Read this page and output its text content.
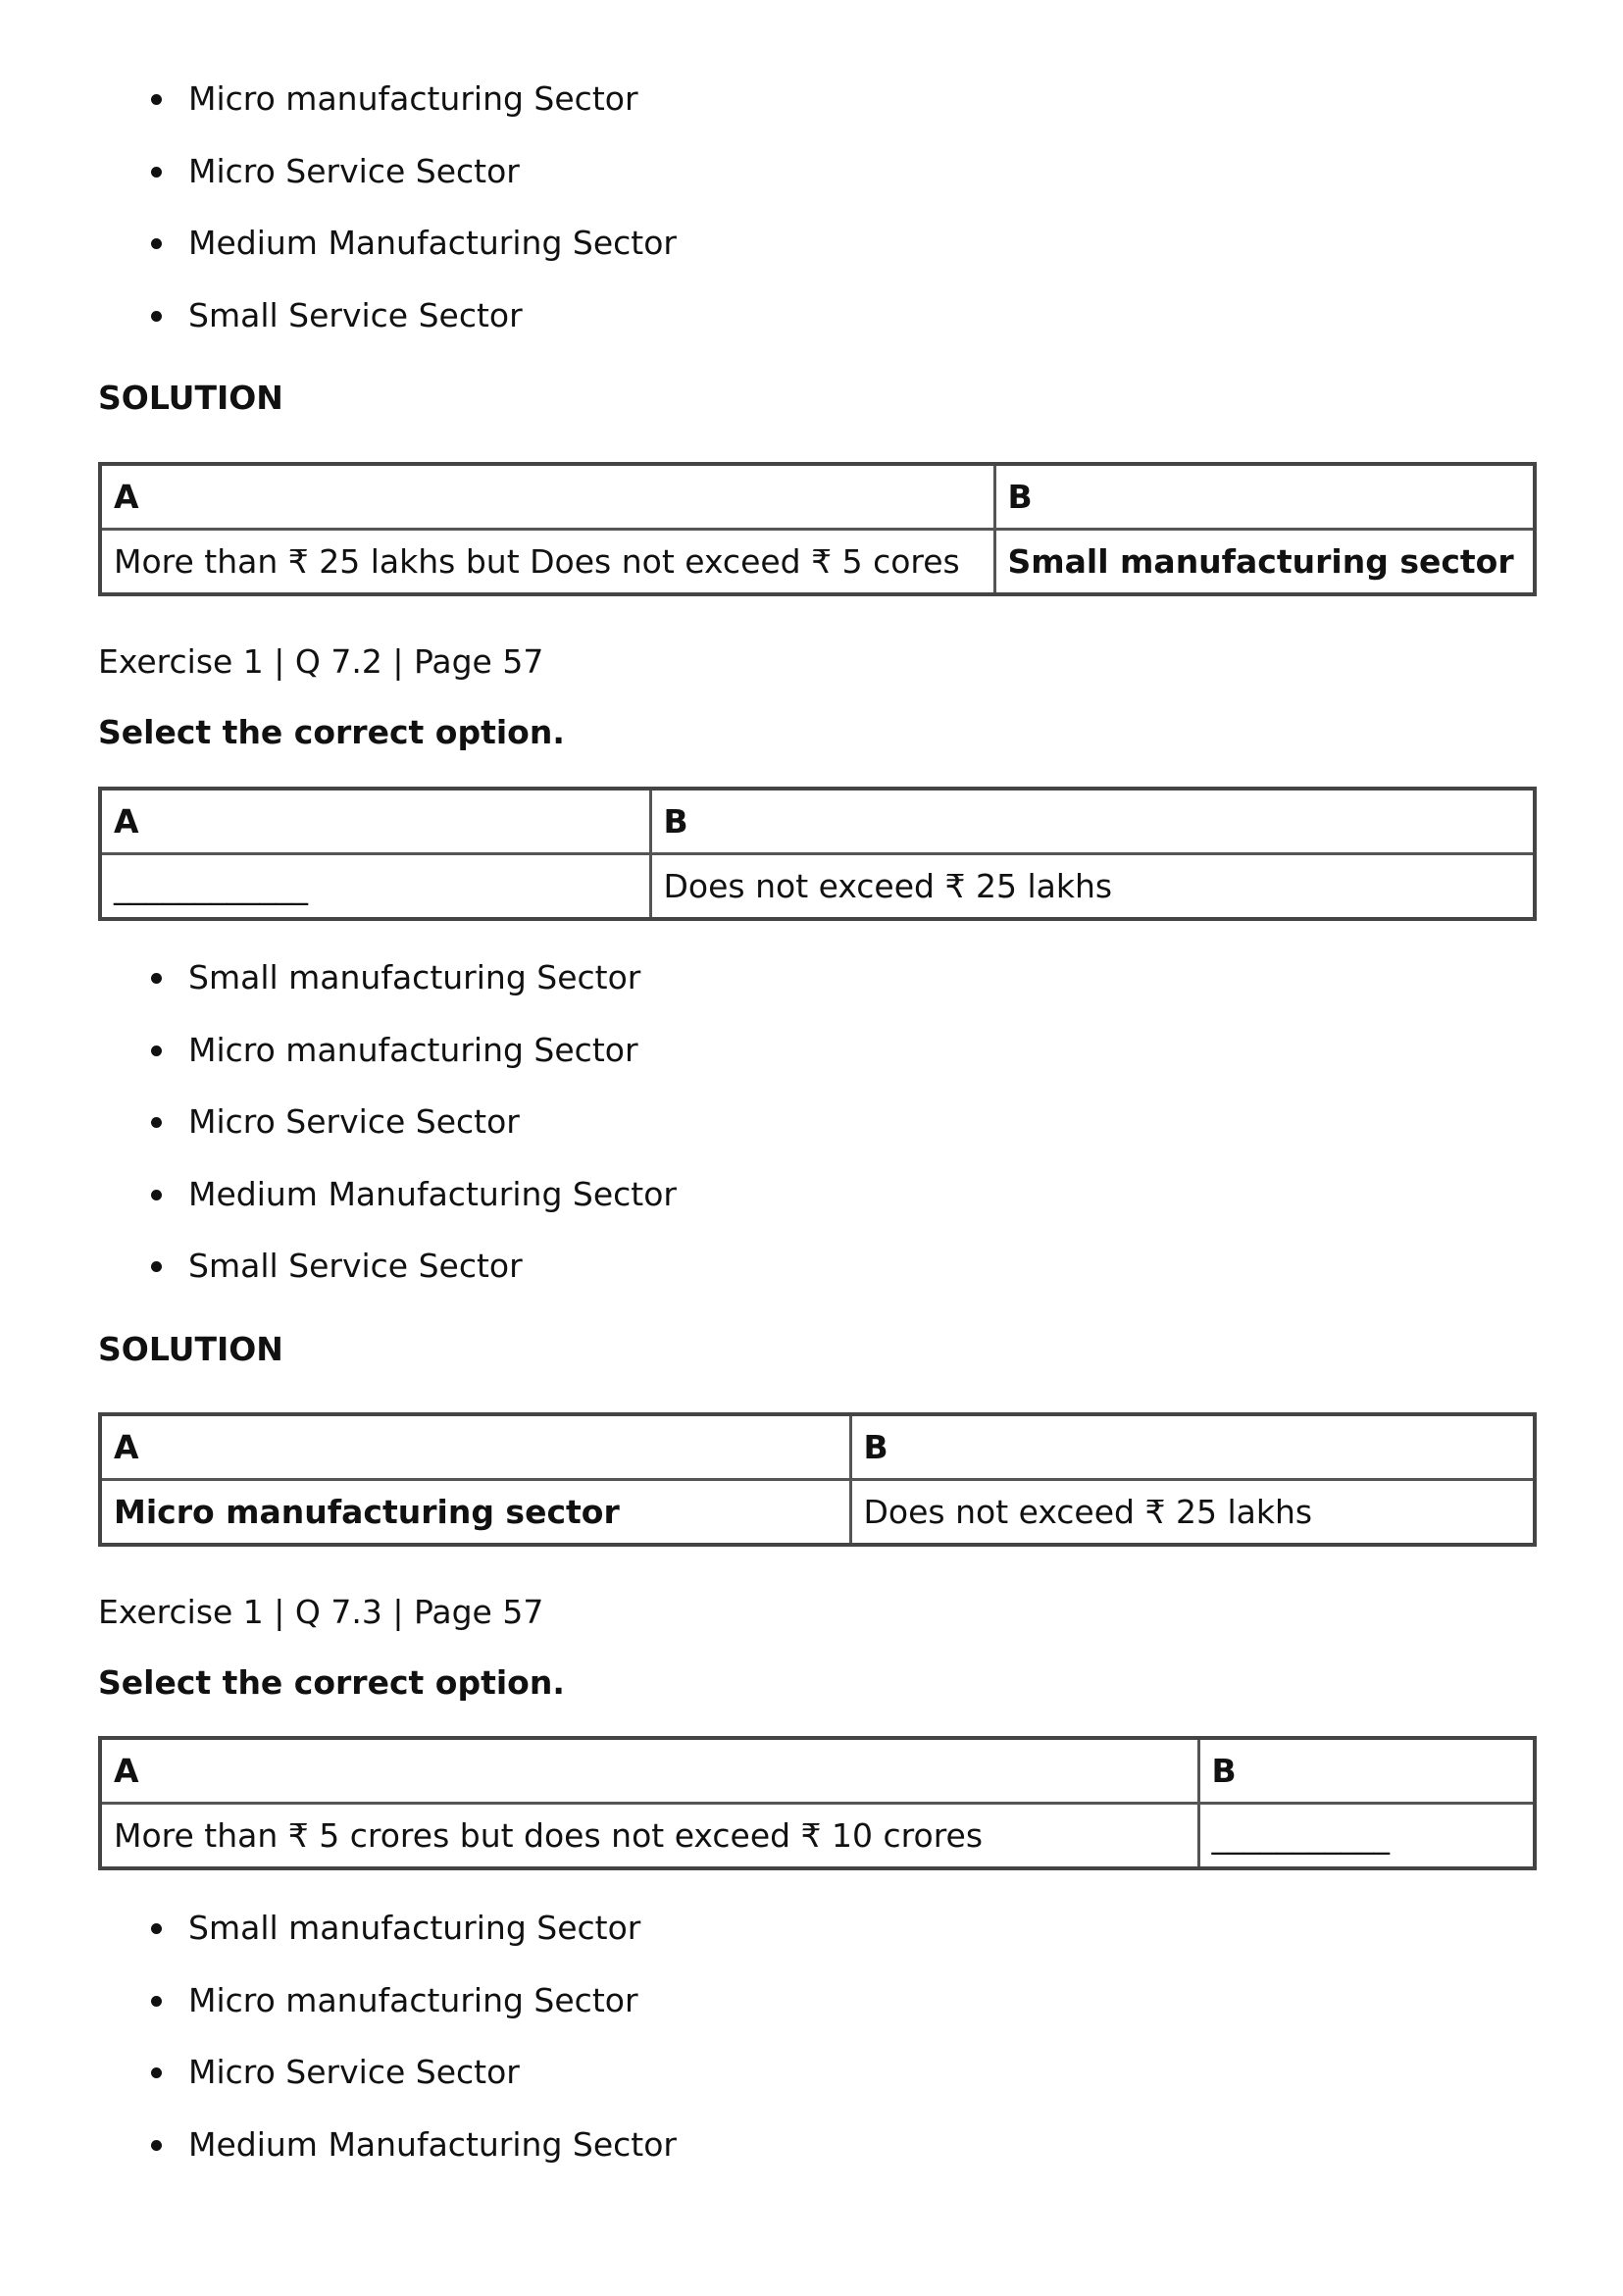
Micro manufacturing Sector
Micro Service Sector
Medium Manufacturing Sector
Small Service Sector
SOLUTION
A	B
More than ₹ 25 lakhs but Does not exceed ₹ 5 cores	Small manufacturing sector
Exercise 1 | Q 7.2 | Page 57
Select the correct option.
A	B
____________	Does not exceed ₹ 25 lakhs
Small manufacturing Sector
Micro manufacturing Sector
Micro Service Sector
Medium Manufacturing Sector
Small Service Sector
SOLUTION
A	B
Micro manufacturing sector	Does not exceed ₹ 25 lakhs
Exercise 1 | Q 7.3 | Page 57
Select the correct option.
A	B
More than ₹ 5 crores but does not exceed ₹ 10 crores	___________
Small manufacturing Sector
Micro manufacturing Sector
Micro Service Sector
Medium Manufacturing Sector
